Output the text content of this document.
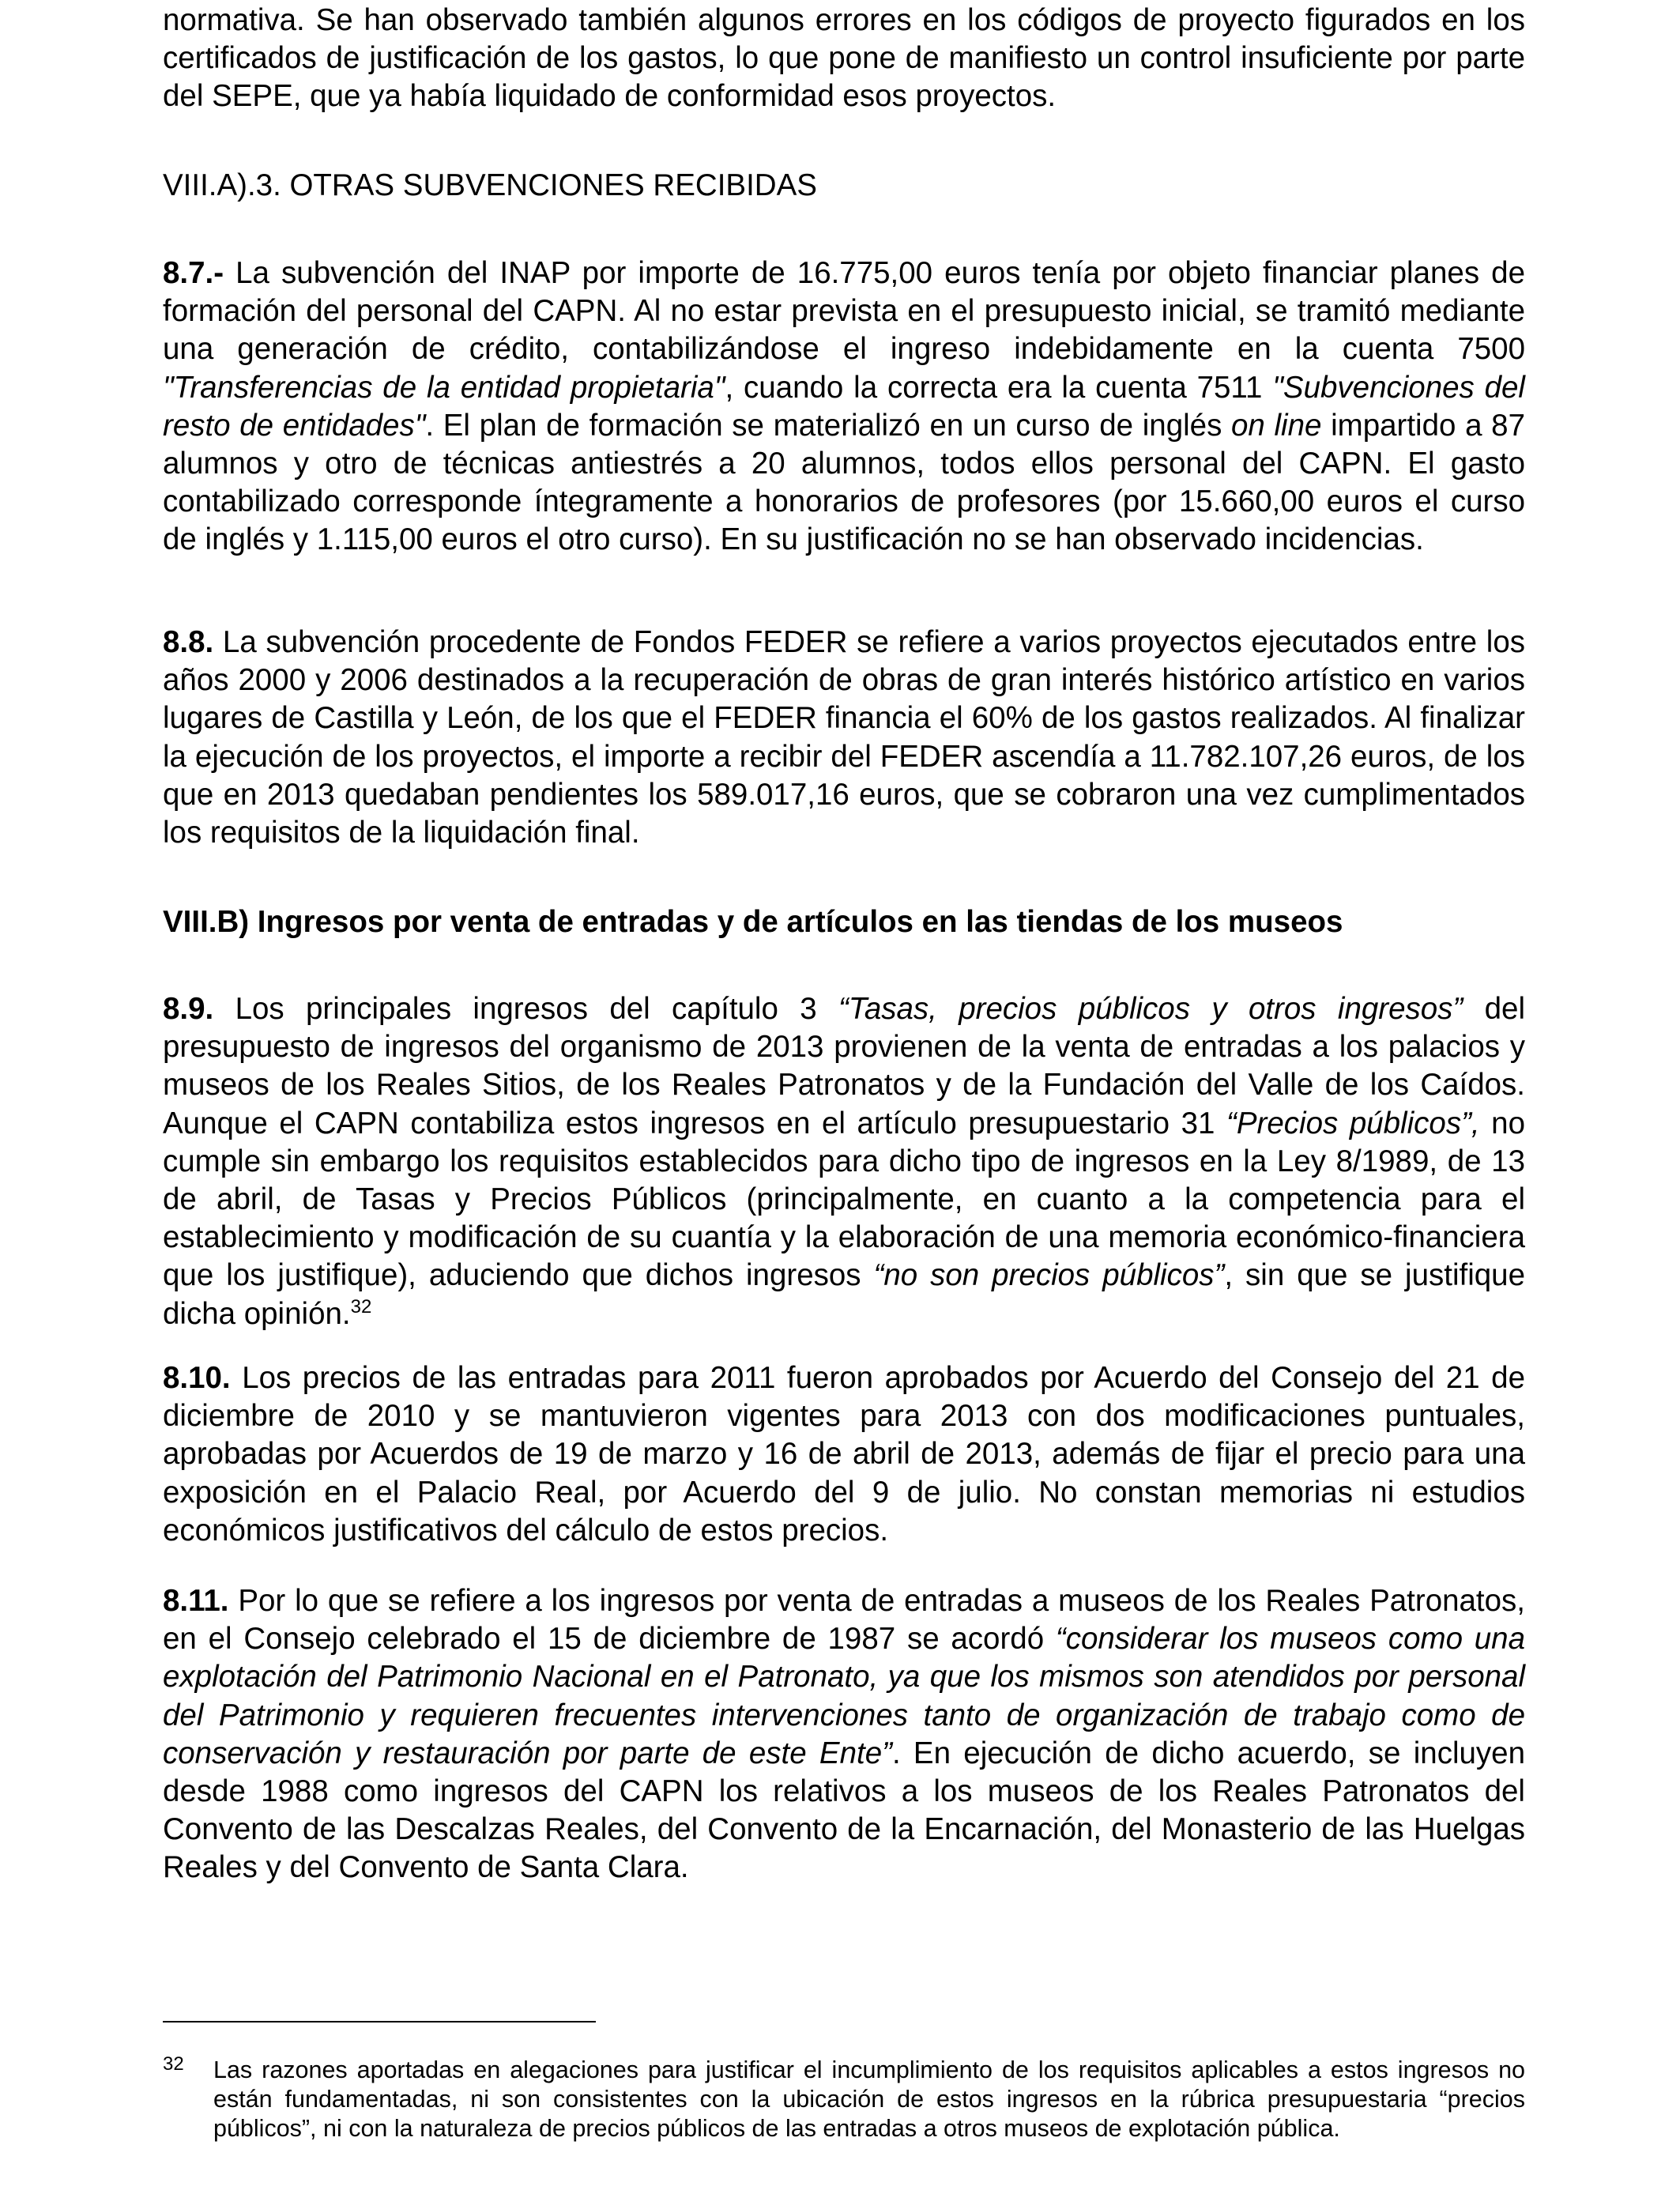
normativa. Se han observado también algunos errores en los códigos de proyecto figurados en los certificados de justificación de los gastos, lo que pone de manifiesto un control insuficiente por parte del SEPE, que ya había liquidado de conformidad esos proyectos.

VIII.A).3. OTRAS SUBVENCIONES RECIBIDAS

8.7.- La subvención del INAP por importe de 16.775,00 euros tenía por objeto financiar planes de formación del personal del CAPN. Al no estar prevista en el presupuesto inicial, se tramitó mediante una generación de crédito, contabilizándose el ingreso indebidamente en la cuenta 7500 "Transferencias de la entidad propietaria", cuando la correcta era la cuenta 7511 "Subvenciones del resto de entidades". El plan de formación se materializó en un curso de inglés on line impartido a 87 alumnos y otro de técnicas antiestrés a 20 alumnos, todos ellos personal del CAPN. El gasto contabilizado corresponde íntegramente a honorarios de profesores (por 15.660,00 euros el curso de inglés y 1.115,00 euros el otro curso). En su justificación no se han observado incidencias.

8.8. La subvención procedente de Fondos FEDER se refiere a varios proyectos ejecutados entre los años 2000 y 2006 destinados a la recuperación de obras de gran interés histórico artístico en varios lugares de Castilla y León, de los que el FEDER financia el 60% de los gastos realizados. Al finalizar la ejecución de los proyectos, el importe a recibir del FEDER ascendía a 11.782.107,26 euros, de los que en 2013 quedaban pendientes los 589.017,16 euros, que se cobraron una vez cumplimentados los requisitos de la liquidación final.

VIII.B) Ingresos por venta de entradas y de artículos en las tiendas de los museos

8.9. Los principales ingresos del capítulo 3 “Tasas, precios públicos y otros ingresos” del presupuesto de ingresos del organismo de 2013 provienen de la venta de entradas a los palacios y museos de los Reales Sitios, de los Reales Patronatos y de la Fundación del Valle de los Caídos. Aunque el CAPN contabiliza estos ingresos en el artículo presupuestario 31 “Precios públicos”, no cumple sin embargo los requisitos establecidos para dicho tipo de ingresos en la Ley 8/1989, de 13 de abril, de Tasas y Precios Públicos (principalmente, en cuanto a la competencia para el establecimiento y modificación de su cuantía y la elaboración de una memoria económico-financiera que los justifique), aduciendo que dichos ingresos “no son precios públicos”, sin que se justifique dicha opinión.$^{32}$

8.10. Los precios de las entradas para 2011 fueron aprobados por Acuerdo del Consejo del 21 de diciembre de 2010 y se mantuvieron vigentes para 2013 con dos modificaciones puntuales, aprobadas por Acuerdos de 19 de marzo y 16 de abril de 2013, además de fijar el precio para una exposición en el Palacio Real, por Acuerdo del 9 de julio. No constan memorias ni estudios económicos justificativos del cálculo de estos precios.

8.11. Por lo que se refiere a los ingresos por venta de entradas a museos de los Reales Patronatos, en el Consejo celebrado el 15 de diciembre de 1987 se acordó “considerar los museos como una explotación del Patrimonio Nacional en el Patronato, ya que los mismos son atendidos por personal del Patrimonio y requieren frecuentes intervenciones tanto de organización de trabajo como de conservación y restauración por parte de este Ente”. En ejecución de dicho acuerdo, se incluyen desde 1988 como ingresos del CAPN los relativos a los museos de los Reales Patronatos del Convento de las Descalzas Reales, del Convento de la Encarnación, del Monasterio de las Huelgas Reales y del Convento de Santa Clara.

32 Las razones aportadas en alegaciones para justificar el incumplimiento de los requisitos aplicables a estos ingresos no están fundamentadas, ni son consistentes con la ubicación de estos ingresos en la rúbrica presupuestaria “precios públicos”, ni con la naturaleza de precios públicos de las entradas a otros museos de explotación pública.
